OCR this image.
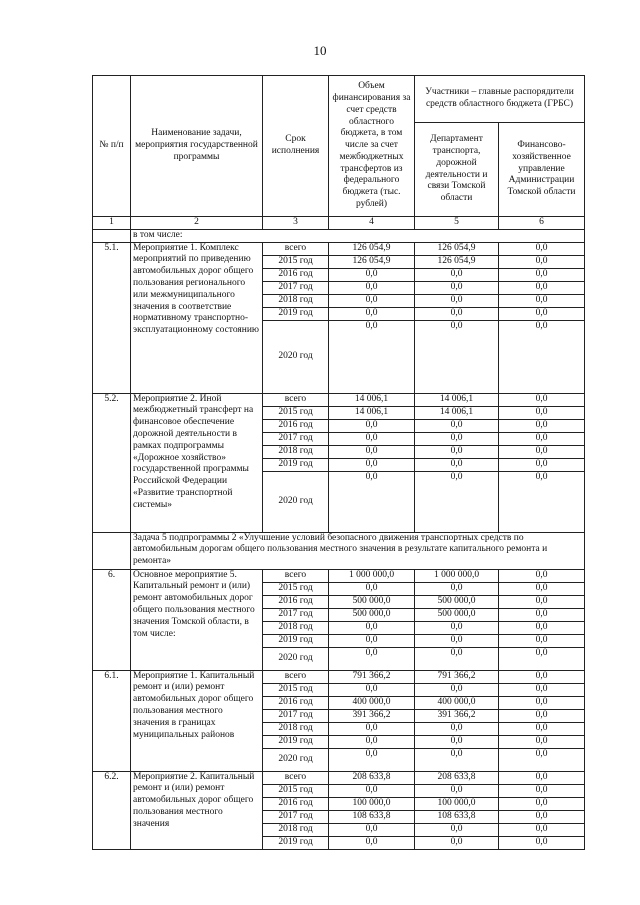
10
№ п/п	Наименование задачи, мероприятия государственной программы	Срок исполнения	Объем финансирования за счет средств областного бюджета, в том числе за счет межбюджетных трансфертов из федерального бюджета (тыс. рублей)	Участники – главные распорядители средств областного бюджета (ГРБС)	
				Департамент транспорта, дорожной деятельности и связи Томской области	Финансово-хозяйственное управление Администрации Томской области
1	2	3	4	5	6
	в том числе:				
5.1.	Мероприятие 1. Комплекс мероприятий по приведению автомобильных дорог общего пользования регионального или межмуниципального значения в соответствие нормативному транспортно-эксплуатационному состоянию	всего	126 054,9	126 054,9	0,0
		2015 год	126 054,9	126 054,9	0,0
		2016 год	0,0	0,0	0,0
		2017 год	0,0	0,0	0,0
		2018 год	0,0	0,0	0,0
		2019 год	0,0	0,0	0,0
		2020 год	0,0	0,0	0,0
5.2.	Мероприятие 2. Иной межбюджетный трансферт на финансовое обеспечение дорожной деятельности в рамках подпрограммы «Дорожное хозяйство» государственной программы Российской Федерации «Развитие транспортной системы»	всего	14 006,1	14 006,1	0,0
		2015 год	14 006,1	14 006,1	0,0
		2016 год	0,0	0,0	0,0
		2017 год	0,0	0,0	0,0
		2018 год	0,0	0,0	0,0
		2019 год	0,0	0,0	0,0
		2020 год	0,0	0,0	0,0
	Задача 5 подпрограммы 2 «Улучшение условий безопасного движения транспортных средств по автомобильным дорогам общего пользования местного значения в результате капитального ремонта и ремонта»				
6.	Основное мероприятие 5. Капитальный ремонт и (или) ремонт автомобильных дорог общего пользования местного значения Томской области, в том числе:	всего	1 000 000,0	1 000 000,0	0,0
		2015 год	0,0	0,0	0,0
		2016 год	500 000,0	500 000,0	0,0
		2017 год	500 000,0	500 000,0	0,0
		2018 год	0,0	0,0	0,0
		2019 год	0,0	0,0	0,0
		2020 год	0,0	0,0	0,0
6.1.	Мероприятие 1. Капитальный ремонт и (или) ремонт автомобильных дорог общего пользования местного значения в границах муниципальных районов	всего	791 366,2	791 366,2	0,0
		2015 год	0,0	0,0	0,0
		2016 год	400 000,0	400 000,0	0,0
		2017 год	391 366,2	391 366,2	0,0
		2018 год	0,0	0,0	0,0
		2019 год	0,0	0,0	0,0
		2020 год	0,0	0,0	0,0
6.2.	Мероприятие 2. Капитальный ремонт и (или) ремонт автомобильных дорог общего пользования местного значения	всего	208 633,8	208 633,8	0,0
		2015 год	0,0	0,0	0,0
		2016 год	100 000,0	100 000,0	0,0
		2017 год	108 633,8	108 633,8	0,0
		2018 год	0,0	0,0	0,0
		2019 год	0,0	0,0	0,0
